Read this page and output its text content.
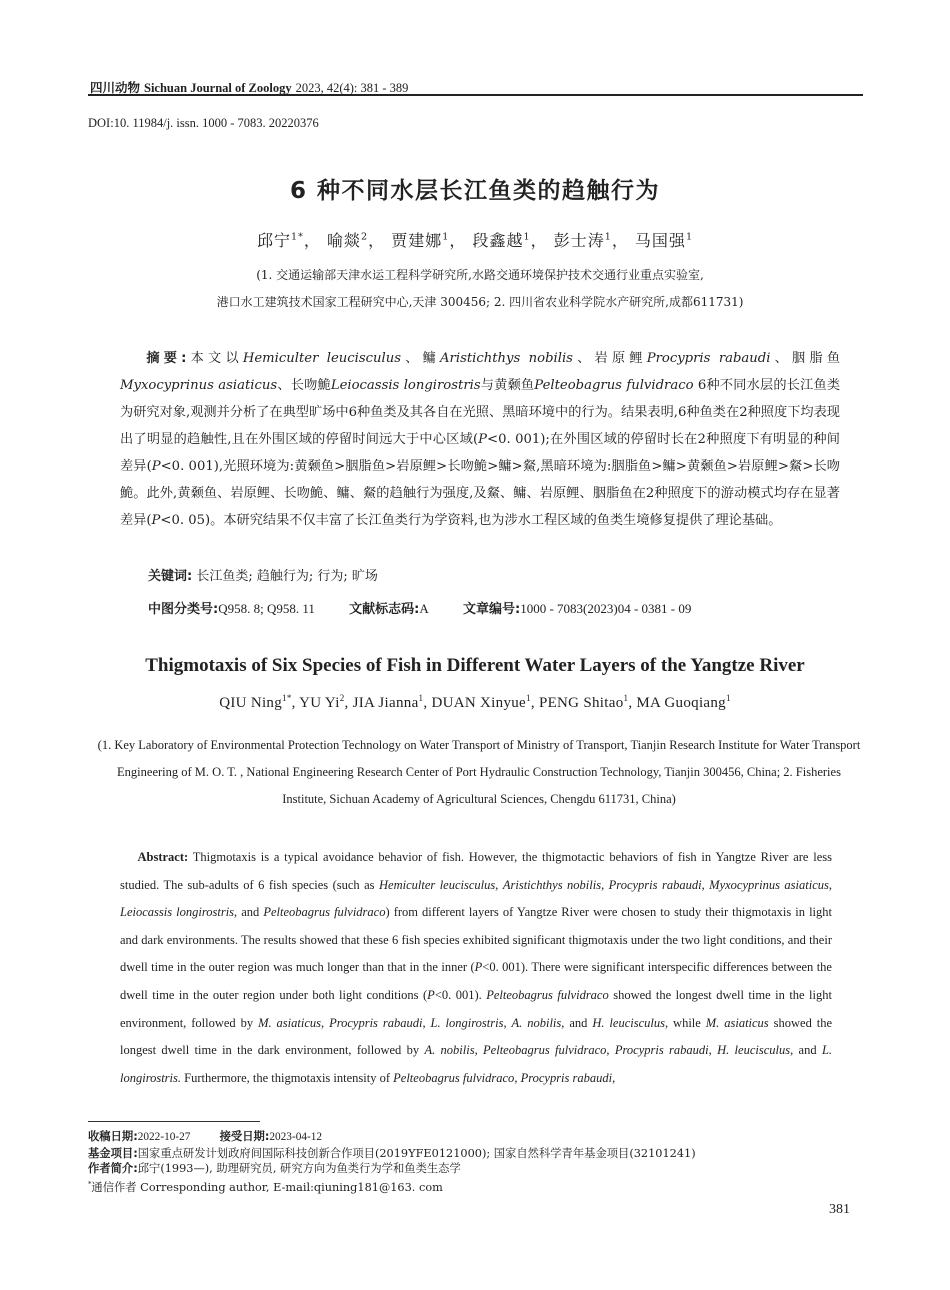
四川动物 Sichuan Journal of Zoology 2023, 42(4): 381 - 389
DOI:10. 11984/j. issn. 1000 - 7083. 20220376
6 种不同水层长江鱼类的趋触行为
邱宁$^{1*}$， 喻燚$^2$， 贾建娜$^1$， 段鑫越$^1$， 彭士涛$^1$， 马国强$^1$
(1. 交通运输部天津水运工程科学研究所,水路交通环境保护技术交通行业重点实验室,
港口水工建筑技术国家工程研究中心,天津 300456; 2. 四川省农业科学院水产研究所,成都611731)
摘要:本文以Hemiculter leucisculus、鳙Aristichthys nobilis、岩原鲤Procypris rabaudi、胭脂鱼Myxocyprinus asiaticus、长吻鮠Leiocassis longirostris与黄颡鱼Pelteobagrus fulvidraco 6种不同水层的长江鱼类为研究对象,观测并分析了在典型旷场中6种鱼类及其各自在光照、黑暗环境中的行为。结果表明,6种鱼类在2种照度下均表现出了明显的趋触性,且在外围区域的停留时间远大于中心区域(P<0. 001);在外围区域的停留时长在2种照度下有明显的种间差异(P<0. 001),光照环境为:黄颡鱼>胭脂鱼>岩原鲤>长吻鮠>鳙>䱗,黑暗环境为:胭脂鱼>鳙>黄颡鱼>岩原鲤>䱗>长吻鮠。此外,黄颡鱼、岩原鲤、长吻鮠、鳙、䱗的趋触行为强度,及䱗、鳙、岩原鲤、胭脂鱼在2种照度下的游动模式均存在显著差异(P<0. 05)。本研究结果不仅丰富了长江鱼类行为学资料,也为涉水工程区域的鱼类生境修复提供了理论基础。
关键词: 长江鱼类; 趋触行为; 行为; 旷场
中图分类号:Q958. 8; Q958. 11	文献标志码:A	文章编号:1000 - 7083(2023)04 - 0381 - 09
Thigmotaxis of Six Species of Fish in Different Water Layers of the Yangtze River
QIU Ning$^{1*}$, YU Yi$^2$, JIA Jianna$^1$, DUAN Xinyue$^1$, PENG Shitao$^1$, MA Guoqiang$^1$
(1. Key Laboratory of Environmental Protection Technology on Water Transport of Ministry of Transport, Tianjin Research Institute for Water Transport Engineering of M. O. T. , National Engineering Research Center of Port Hydraulic Construction Technology, Tianjin 300456, China; 2. Fisheries Institute, Sichuan Academy of Agricultural Sciences, Chengdu 611731, China)
Abstract: Thigmotaxis is a typical avoidance behavior of fish. However, the thigmotactic behaviors of fish in Yangtze River are less studied. The sub-adults of 6 fish species (such as Hemiculter leucisculus, Aristichthys nobilis, Procypris rabaudi, Myxocyprinus asiaticus, Leiocassis longirostris, and Pelteobagrus fulvidraco) from different layers of Yangtze River were chosen to study their thigmotaxis in light and dark environments. The results showed that these 6 fish species exhibited significant thigmotaxis under the two light conditions, and their dwell time in the outer region was much longer than that in the inner (P<0. 001). There were significant interspecific differences between the dwell time in the outer region under both light conditions (P<0. 001). Pelteobagrus fulvidraco showed the longest dwell time in the light environment, followed by M. asiaticus, Procypris rabaudi, L. longirostris, A. nobilis, and H. leucisculus, while M. asiaticus showed the longest dwell time in the dark environment, followed by A. nobilis, Pelteobagrus fulvidraco, Procypris rabaudi, H. leucisculus, and L. longirostris. Furthermore, the thigmotaxis intensity of Pelteobagrus fulvidraco, Procypris rabaudi,
收稿日期:2022-10-27	接受日期:2023-04-12
基金项目:国家重点研发计划政府间国际科技创新合作项目(2019YFE0121000); 国家自然科学青年基金项目(32101241)
作者简介:邱宁(1993—), 助理研究员, 研究方向为鱼类行为学和鱼类生态学
*通信作者 Corresponding author, E-mail:qiuning181@163. com
381
